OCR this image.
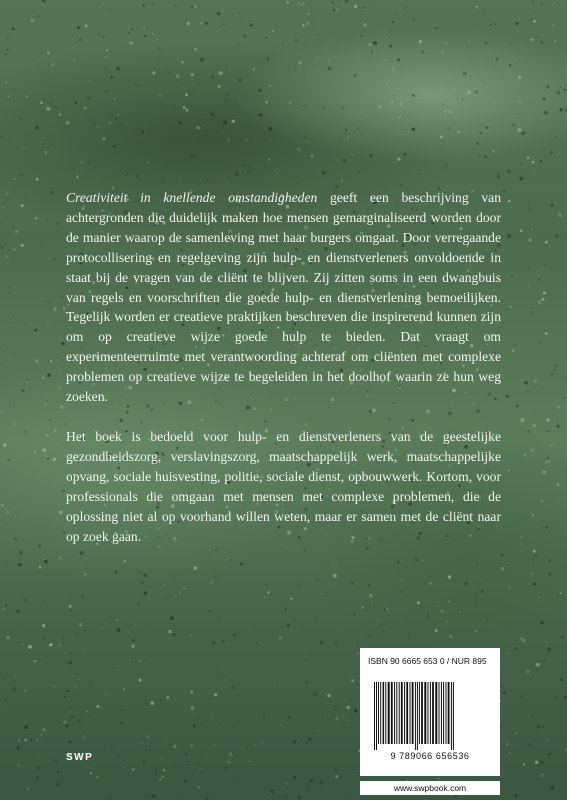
Creativiteit in knellende omstandigheden geeft een beschrijving van achtergronden die duidelijk maken hoe mensen gemarginaliseerd worden door de manier waarop de samenleving met haar burgers omgaat. Door verregaande protocollisering en regelgeving zijn hulp- en dienstverleners onvoldoende in staat bij de vragen van de cliënt te blijven. Zij zitten soms in een dwangbuis van regels en voorschriften die goede hulp- en dienstverlening bemoeilijken. Tegelijk worden er creatieve praktijken beschreven die inspirerend kunnen zijn om op creatieve wijze goede hulp te bieden. Dat vraagt om experimenteerruimte met verantwoording achteraf om cliënten met complexe problemen op creatieve wijze te begeleiden in het doolhof waarin ze hun weg zoeken.

Het boek is bedoeld voor hulp- en dienstverleners van de geestelijke gezondheidszorg, verslavingszorg, maatschappelijk werk, maatschappelijke opvang, sociale huisvesting, politie, sociale dienst, opbouwwerk. Kortom, voor professionals die omgaan met mensen met complexe problemen, die de oplossing niet al op voorhand willen weten, maar er samen met de cliënt naar op zoek gaan.

ISBN 90 6665 653 0 / NUR 895
9 789066 656536
SWP
www.swpbook.com
